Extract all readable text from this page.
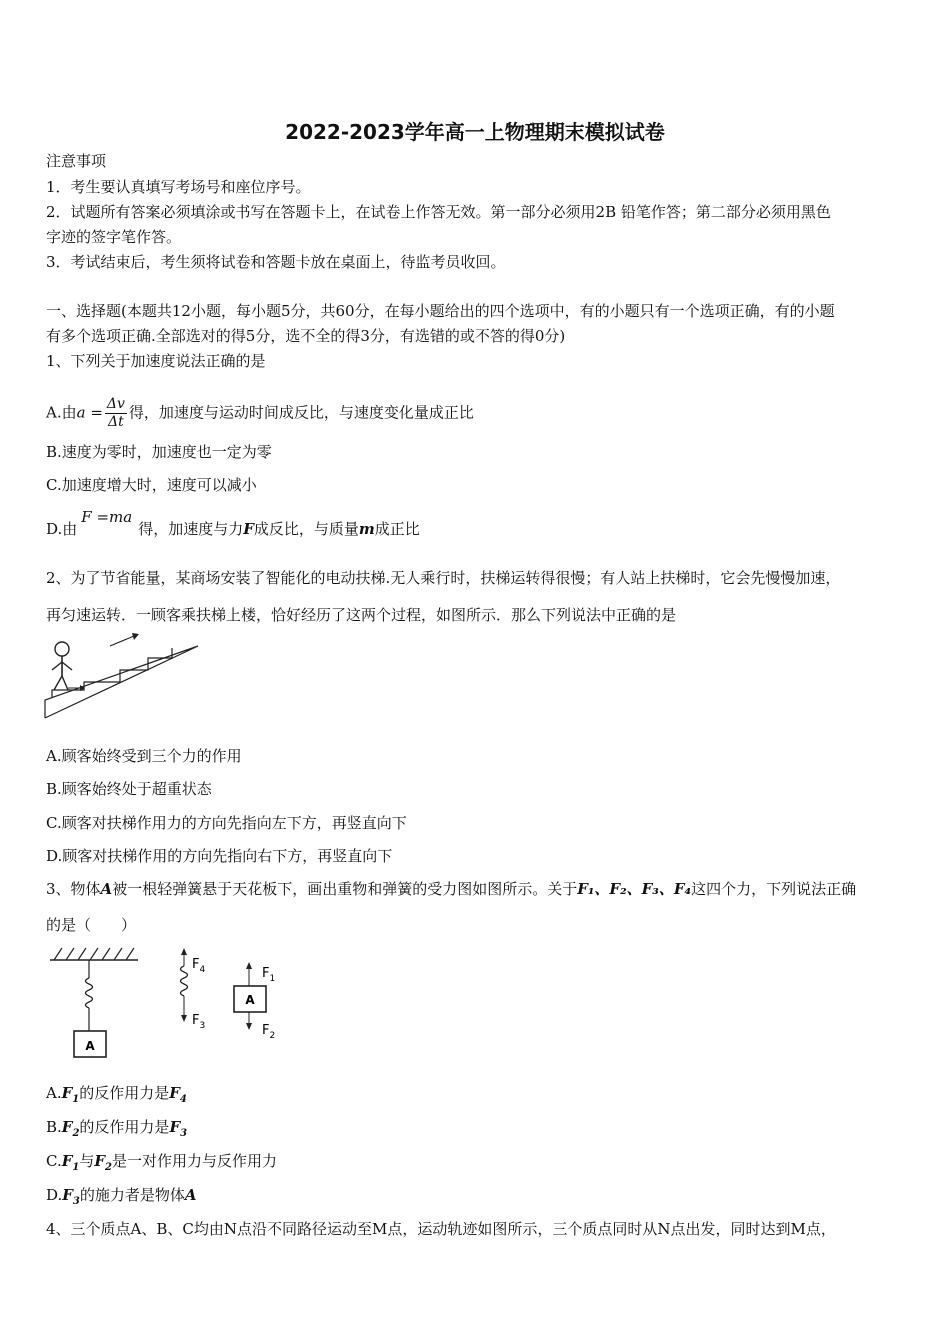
2022-2023学年高一上物理期末模拟试卷
注意事项
1．考生要认真填写考场号和座位序号。
2．试题所有答案必须填涂或书写在答题卡上，在试卷上作答无效。第一部分必须用2B 铅笔作答；第二部分必须用黑色
字迹的签字笔作答。
3．考试结束后，考生须将试卷和答题卡放在桌面上，待监考员收回。
一、选择题(本题共12小题，每小题5分，共60分，在每小题给出的四个选项中，有的小题只有一个选项正确，有的小题
有多个选项正确.全部选对的得5分，选不全的得3分，有选错的或不答的得0分)
1、下列关于加速度说法正确的是
A.由$a = \frac{\Delta v}{\Delta t}$ 得，加速度与运动时间成反比，与速度变化量成正比
B.速度为零时，加速度也一定为零
C.加速度增大时，速度可以减小
D.由F =ma得，加速度与力F成反比，与质量m成正比
2、为了节省能量，某商场安装了智能化的电动扶梯.无人乘行时，扶梯运转得很慢；有人站上扶梯时，它会先慢慢加速，
再匀速运转．一顾客乘扶梯上楼，恰好经历了这两个过程，如图所示．那么下列说法中正确的是
A.顾客始终受到三个力的作用
B.顾客始终处于超重状态
C.顾客对扶梯作用力的方向先指向左下方，再竖直向下
D.顾客对扶梯作用的方向先指向右下方，再竖直向下
3、物体A被一根轻弹簧悬于天花板下，画出重物和弹簧的受力图如图所示。关于F₁、F₂、F₃、F₄这四个力，下列说法正确
的是（　　）
A
$F_4$
$F_3$
A
$F_1$
$F_2$
$A.F_1$的反作用力是$F_4$
$B.F_2$的反作用力是$F_3$
$C.F_1$与$F_2$是一对作用力与反作用力
$D.F_3$的施力者是物体A
4、三个质点A、B、C均由N点沿不同路径运动至M点，运动轨迹如图所示，三个质点同时从N点出发，同时达到M点，
